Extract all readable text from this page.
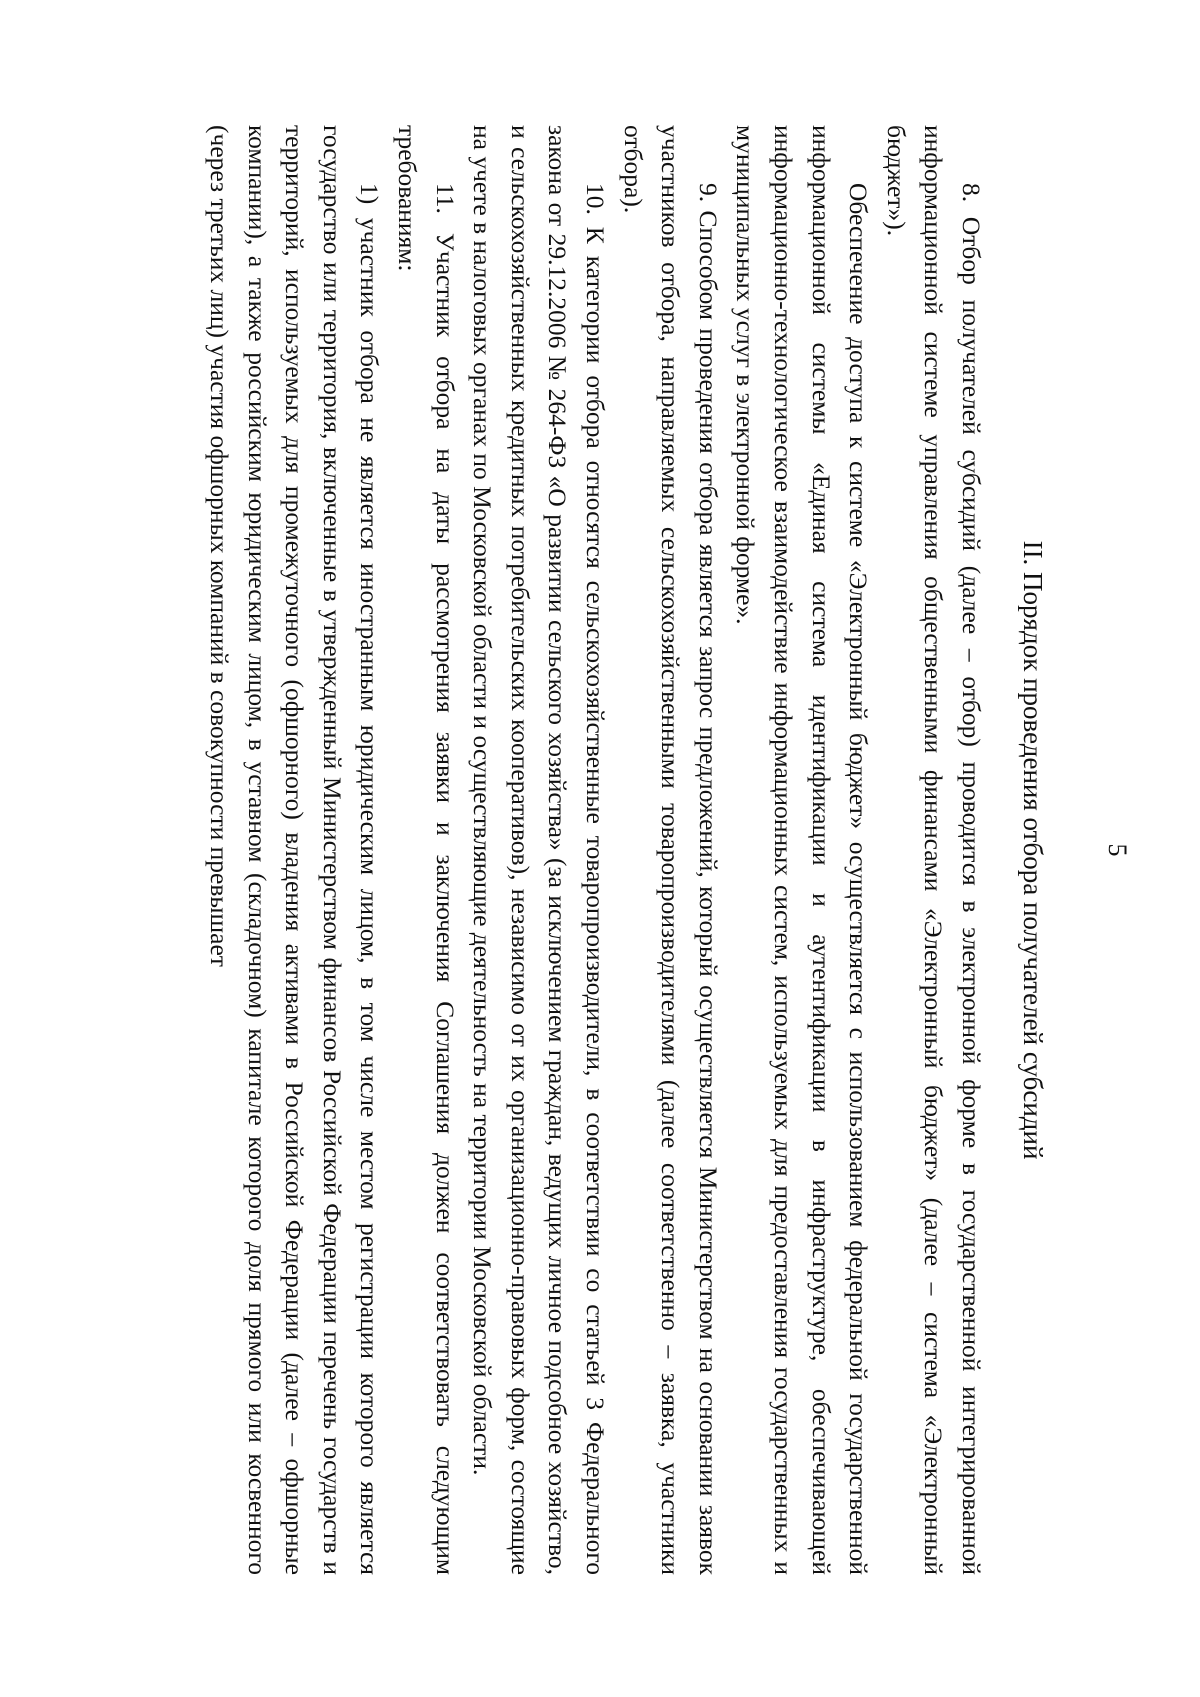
5
II. Порядок проведения отбора получателей субсидий

8. Отбор получателей субсидий (далее – отбор) проводится в электронной форме в государственной интегрированной информационной системе управления общественными финансами «Электронный бюджет» (далее – система «Электронный бюджет»).

Обеспечение доступа к системе «Электронный бюджет» осуществляется с использованием федеральной государственной информационной системы «Единая система идентификации и аутентификации в инфраструктуре, обеспечивающей информационно-технологическое взаимодействие информационных систем, используемых для предоставления государственных и муниципальных услуг в электронной форме».

9. Способом проведения отбора является запрос предложений, который осуществляется Министерством на основании заявок участников отбора, направляемых сельскохозяйственными товаропроизводителями (далее соответственно – заявка, участники отбора).

10. К категории отбора относятся сельскохозяйственные товаропроизводители, в соответствии со статьей 3 Федерального закона от 29.12.2006 № 264-ФЗ «О развитии сельского хозяйства» (за исключением граждан, ведущих личное подсобное хозяйство, и сельскохозяйственных кредитных потребительских кооперативов), независимо от их организационно-правовых форм, состоящие на учете в налоговых органах по Московской области и осуществляющие деятельность на территории Московской области.

11. Участник отбора на даты рассмотрения заявки и заключения Соглашения должен соответствовать следующим требованиям:

1) участник отбора не является иностранным юридическим лицом, в том числе местом регистрации которого является государство или территория, включенные в утвержденный Министерством финансов Российской Федерации перечень государств и территорий, используемых для промежуточного (офшорного) владения активами в Российской Федерации (далее – офшорные компании), а также российским юридическим лицом, в уставном (складочном) капитале которого доля прямого или косвенного (через третьих лиц) участия офшорных компаний в совокупности превышает
